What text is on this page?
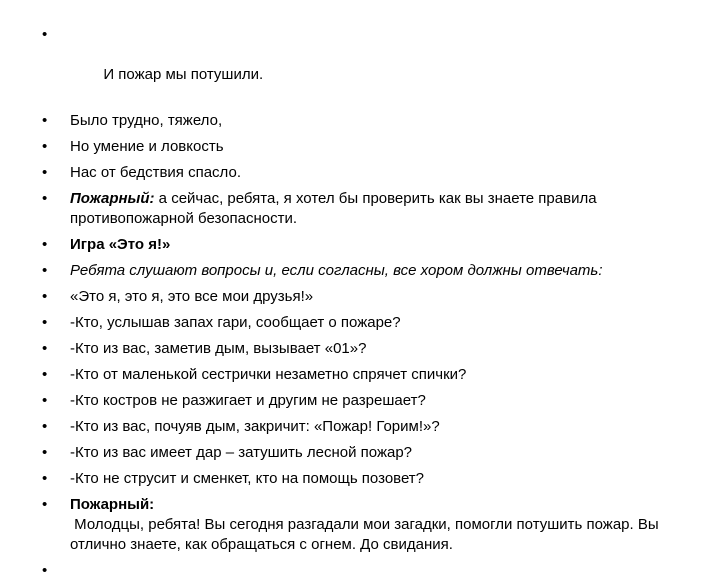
•

И пожар мы потушили.

• Было трудно, тяжело,
• Но умение и ловкость
• Нас от бедствия спасло.
• Пожарный: а сейчас, ребята, я хотел бы проверить как вы знаете правила противопожарной безопасности.
• Игра «Это я!»
• Ребята слушают вопросы и, если согласны, все хором должны отвечать:
• «Это я, это я, это все мои друзья!»
• -Кто, услышав запах гари, сообщает о пожаре?
• -Кто из вас, заметив дым, вызывает «01»?
• -Кто от маленькой сестрички незаметно спрячет спички?
• -Кто костров не разжигает и другим не разрешает?
• -Кто из вас, почуяв дым, закричит: «Пожар! Горим!»?
• -Кто из вас имеет дар – затушить лесной пожар?
• -Кто не струсит и сменкет, кто на помощь позовет?
• Пожарный:
Молодцы, ребята! Вы сегодня разгадали мои загадки, помогли потушить пожар. Вы отлично знаете, как обращаться с огнем. До свидания.
•
